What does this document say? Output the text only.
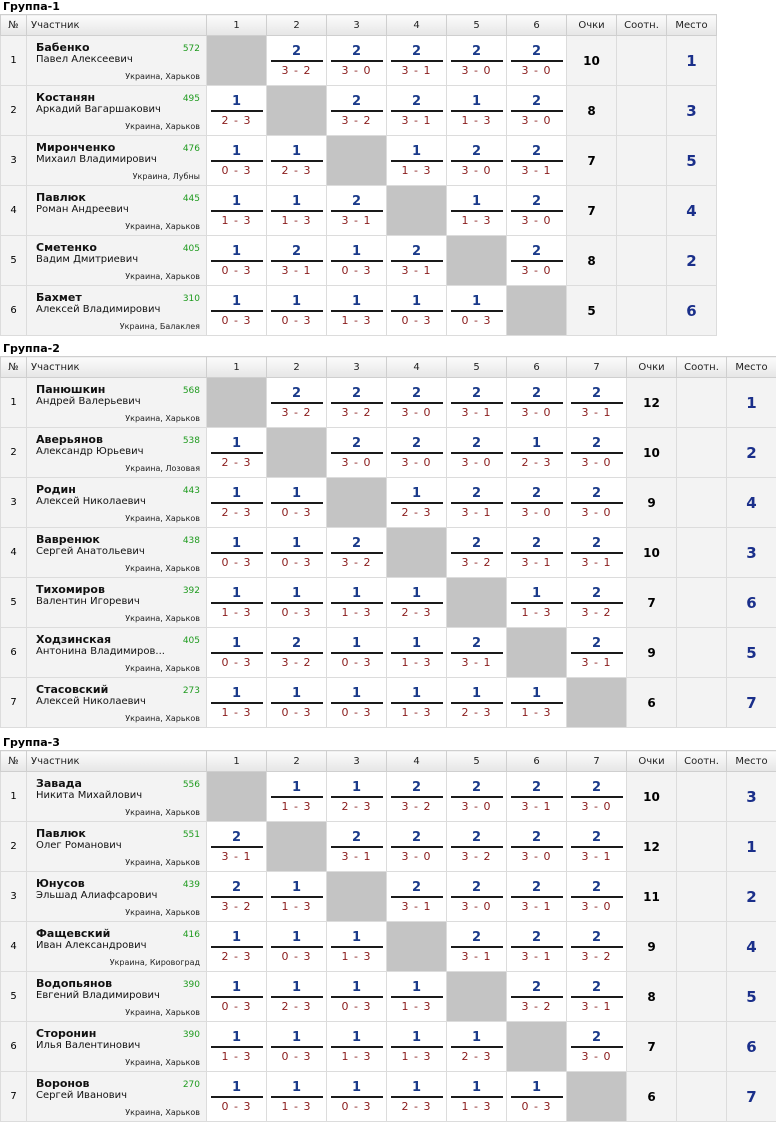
Группа-1
№	Участник	1	2	3	4	5	6	Очки	Соотн.	Место
1	Бабенко
Павел Алексеевич
572
Украина, Харьков		2
3 - 2	2
3 - 0	2
3 - 1	2
3 - 0	2
3 - 0	10		1
2	Костанян
Аркадий Вагаршакович
495
Украина, Харьков	1
2 - 3		2
3 - 2	2
3 - 1	1
1 - 3	2
3 - 0	8		3
3	Мирончeнко
Михаил Владимирович
476
Украина, Лубны	1
0 - 3	1
2 - 3		1
1 - 3	2
3 - 0	2
3 - 1	7		5
4	Павлюк
Роман Андреевич
445
Украина, Харьков	1
1 - 3	1
1 - 3	2
3 - 1		1
1 - 3	2
3 - 0	7		4
5	Сметенко
Вадим Дмитриевич
405
Украина, Харьков	1
0 - 3	2
3 - 1	1
0 - 3	2
3 - 1		2
3 - 0	8		2
6	Бахмет
Алексей Владимирович
310
Украина, Балаклея	1
0 - 3	1
0 - 3	1
1 - 3	1
0 - 3	1
0 - 3		5		6
Группа-2
№	Участник	1	2	3	4	5	6	7	Очки	Соотн.	Место
1	Панюшкин
Андрей Валерьевич
568
Украина, Харьков		2
3 - 2	2
3 - 2	2
3 - 0	2
3 - 1	2
3 - 0	2
3 - 1	12		1
2	Аверьянов
Александр Юрьевич
538
Украина, Лозовая	1
2 - 3		2
3 - 0	2
3 - 0	2
3 - 0	1
2 - 3	2
3 - 0	10		2
3	Родин
Алексей Николаевич
443
Украина, Харьков	1
2 - 3	1
0 - 3		1
2 - 3	2
3 - 1	2
3 - 0	2
3 - 0	9		4
4	Вавренюк
Сергей Анатольевич
438
Украина, Харьков	1
0 - 3	1
0 - 3	2
3 - 2		2
3 - 2	2
3 - 1	2
3 - 1	10		3
5	Тихомиров
Валентин Игоревич
392
Украина, Харьков	1
1 - 3	1
0 - 3	1
1 - 3	1
2 - 3		1
1 - 3	2
3 - 2	7		6
6	Ходзинская
Антонина Владимиров...
405
Украина, Харьков	1
0 - 3	2
3 - 2	1
0 - 3	1
1 - 3	2
3 - 1		2
3 - 1	9		5
7	Стасовский
Алексей Николаевич
273
Украина, Харьков	1
1 - 3	1
0 - 3	1
0 - 3	1
1 - 3	1
2 - 3	1
1 - 3		6		7
Группа-3
№	Участник	1	2	3	4	5	6	7	Очки	Соотн.	Место
1	Завада
Никита Михайлович
556
Украина, Харьков		1
1 - 3	1
2 - 3	2
3 - 2	2
3 - 0	2
3 - 1	2
3 - 0	10		3
2	Павлюк
Олег Романович
551
Украина, Харьков	2
3 - 1		2
3 - 1	2
3 - 0	2
3 - 2	2
3 - 0	2
3 - 1	12		1
3	Юнусов
Эльшад Алиафсарович
439
Украина, Харьков	2
3 - 2	1
1 - 3		2
3 - 1	2
3 - 0	2
3 - 1	2
3 - 0	11		2
4	Фащевский
Иван Александрович
416
Украина, Кировоград	1
2 - 3	1
0 - 3	1
1 - 3		2
3 - 1	2
3 - 1	2
3 - 2	9		4
5	Водопьянов
Евгений Владимирович
390
Украина, Харьков	1
0 - 3	1
2 - 3	1
0 - 3	1
1 - 3		2
3 - 2	2
3 - 1	8		5
6	Сторонин
Илья Валентинович
390
Украина, Харьков	1
1 - 3	1
0 - 3	1
1 - 3	1
1 - 3	1
2 - 3		2
3 - 0	7		6
7	Воронов
Сергей Иванович
270
Украина, Харьков	1
0 - 3	1
1 - 3	1
0 - 3	1
2 - 3	1
1 - 3	1
0 - 3		6		7
